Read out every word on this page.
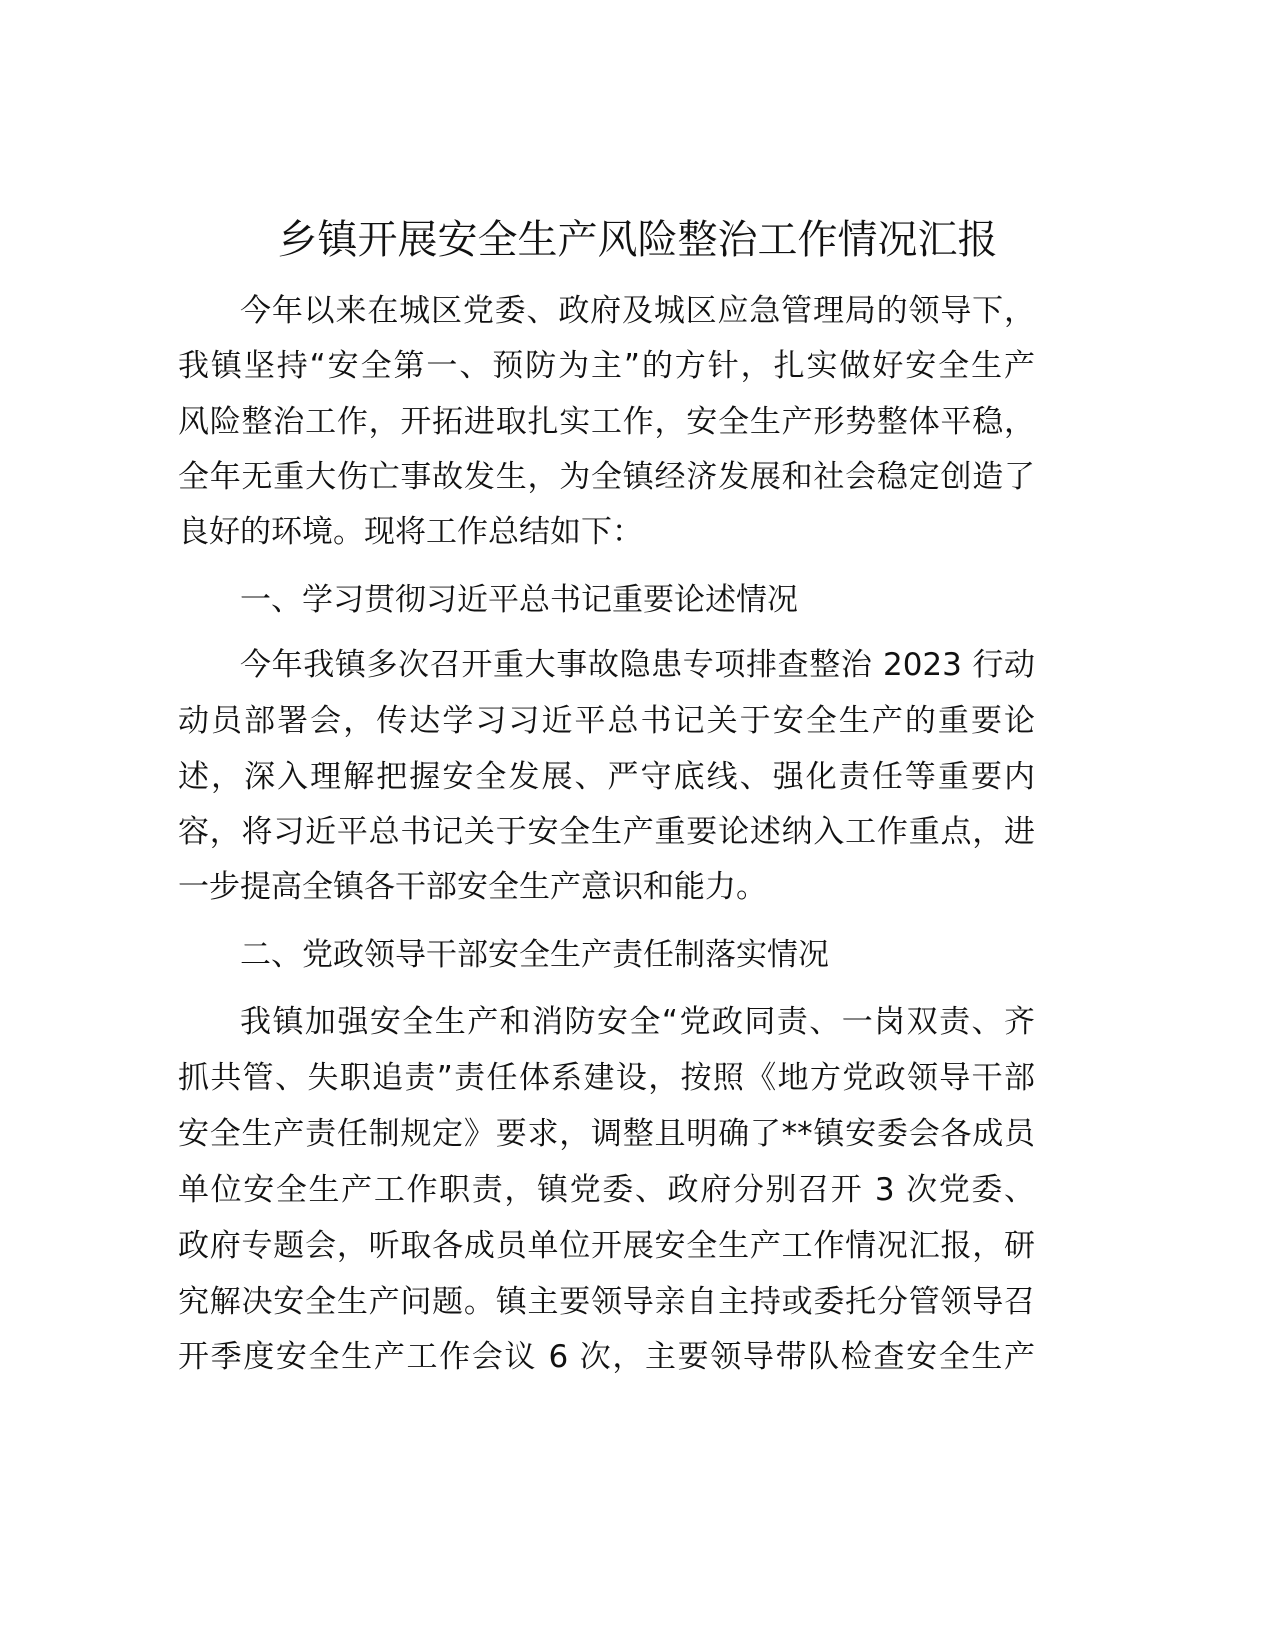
乡镇开展安全生产风险整治工作情况汇报
今年以来在城区党委、政府及城区应急管理局的领导下，
我镇坚持“安全第一、预防为主”的方针，扎实做好安全生产
风险整治工作，开拓进取扎实工作，安全生产形势整体平稳，
全年无重大伤亡事故发生，为全镇经济发展和社会稳定创造了
良好的环境。现将工作总结如下：
一、学习贯彻习近平总书记重要论述情况
今年我镇多次召开重大事故隐患专项排查整治 2023 行动
动员部署会，传达学习习近平总书记关于安全生产的重要论
述，深入理解把握安全发展、严守底线、强化责任等重要内
容，将习近平总书记关于安全生产重要论述纳入工作重点，进
一步提高全镇各干部安全生产意识和能力。
二、党政领导干部安全生产责任制落实情况
我镇加强安全生产和消防安全“党政同责、一岗双责、齐
抓共管、失职追责”责任体系建设，按照《地方党政领导干部
安全生产责任制规定》要求，调整且明确了**镇安委会各成员
单位安全生产工作职责，镇党委、政府分别召开 3 次党委、
政府专题会，听取各成员单位开展安全生产工作情况汇报，研
究解决安全生产问题。镇主要领导亲自主持或委托分管领导召
开季度安全生产工作会议 6 次，主要领导带队检查安全生产
